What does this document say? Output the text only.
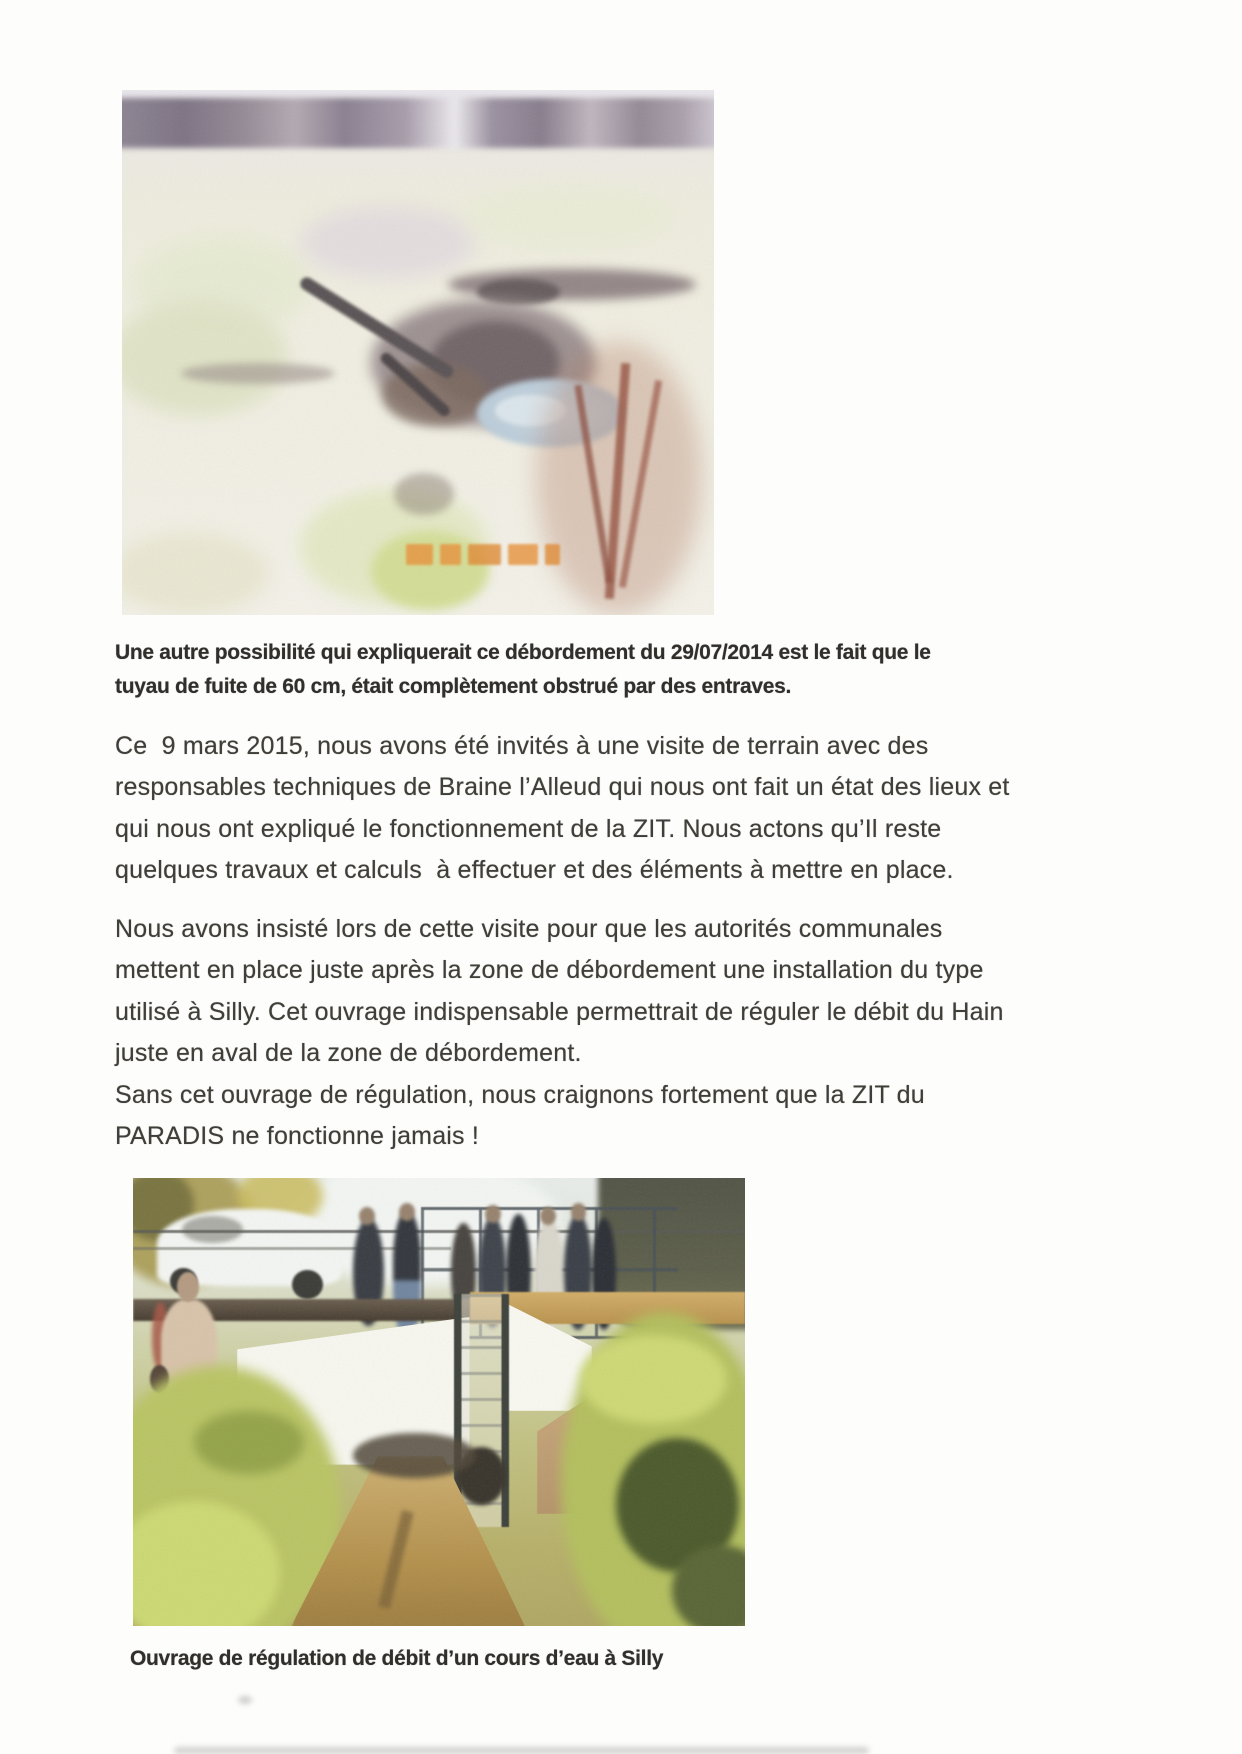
Une autre possibilité qui expliquerait ce débordement du 29/07/2014 est le fait que le
tuyau de fuite de 60 cm, était complètement obstrué par des entraves.
Ce  9 mars 2015, nous avons été invités à une visite de terrain avec des
responsables techniques de Braine l’Alleud qui nous ont fait un état des lieux et
qui nous ont expliqué le fonctionnement de la ZIT. Nous actons qu’Il reste
quelques travaux et calculs  à effectuer et des éléments à mettre en place.
Nous avons insisté lors de cette visite pour que les autorités communales
mettent en place juste après la zone de débordement une installation du type
utilisé à Silly. Cet ouvrage indispensable permettrait de réguler le débit du Hain
juste en aval de la zone de débordement.
Sans cet ouvrage de régulation, nous craignons fortement que la ZIT du
PARADIS ne fonctionne jamais !
Ouvrage de régulation de débit d’un cours d’eau à Silly
